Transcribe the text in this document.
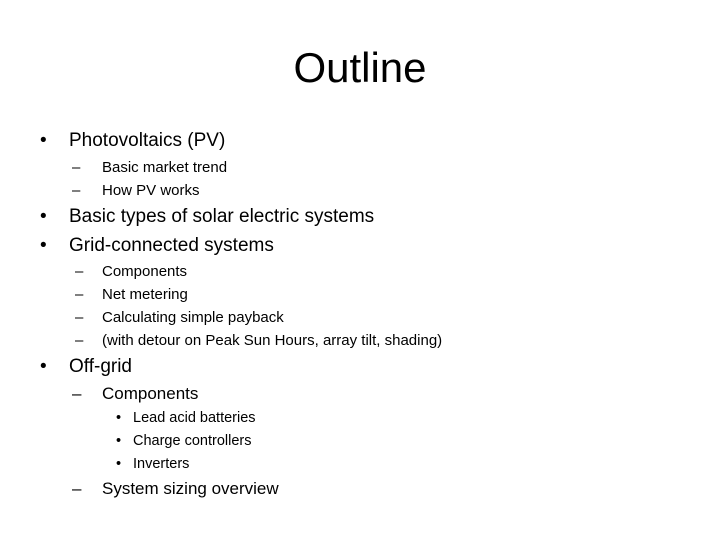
Outline
• Photovoltaics (PV)
– Basic market trend
– How PV works
• Basic types of solar electric systems
• Grid-connected systems
– Components
– Net metering
– Calculating simple payback
– (with detour on Peak Sun Hours, array tilt, shading)
• Off-grid
– Components
• Lead acid batteries
• Charge controllers
• Inverters
– System sizing overview
